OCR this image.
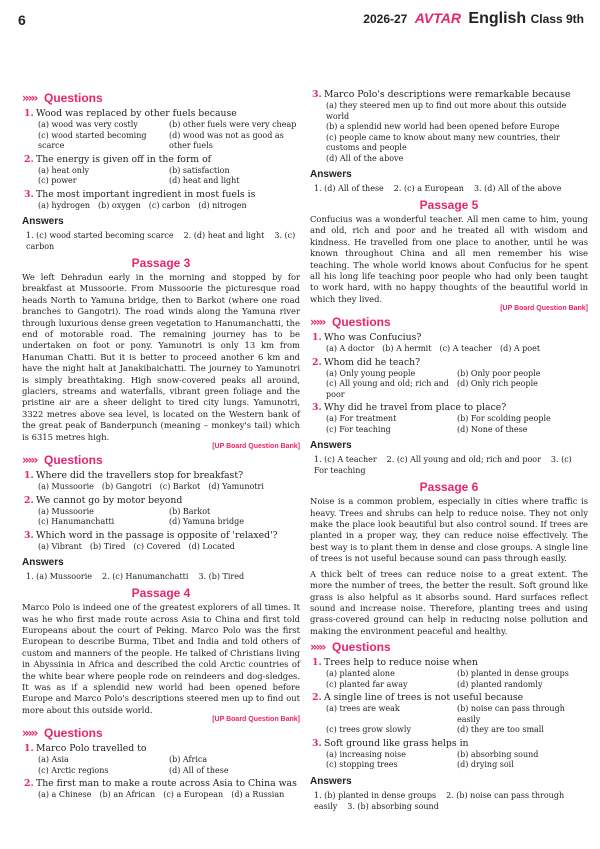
6	2026-27 AVTAR English Class 9th
»»› Questions
1. Wood was replaced by other fuels because
(a) wood was very costly	(b) other fuels were very cheap
(c) wood started becoming scarce
(d) wood was not as good as other fuels
2. The energy is given off in the form of
(a) heat only	(b) satisfaction
(c) power	(d) heat and light
3. The most important ingredient in most fuels is
(a) hydrogen (b) oxygen (c) carbon (d) nitrogen
Answers
1. (c) wood started becoming scarce 2. (d) heat and light 3. (c) carbon
Passage 3

We left Dehradun early in the morning and stopped by for breakfast at Mussoorie. From Mussoorie the picturesque road heads North to Yamuna bridge, then to Barkot (where one road branches to Gangotri). The road winds along the Yamuna river through luxurious dense green vegetation to Hanumanchatti, the end of motorable road. The remaining journey has to be undertaken on foot or pony. Yamunotri is only 13 km from Hanuman Chatti. But it is better to proceed another 6 km and have the night halt at Janakibaichatti. The journey to Yamunotri is simply breathtaking. High snow-covered peaks all around, glaciers, streams and waterfalls, vibrant green foliage and the pristine air are a sheer delight to tired city lungs. Yamunotri, 3322 metres above sea level, is located on the Western bank of the great peak of Banderpunch (meaning – monkey's tail) which is 6315 metres high.

[UP Board Question Bank]
»»› Questions
1. Where did the travellers stop for breakfast?
(a) Mussoorie (b) Gangotri (c) Barkot (d) Yamunotri
2. We cannot go by motor beyond
(a) Mussoorie	(b) Barkot
(c) Hanumanchatti	(d) Yamuna bridge
3. Which word in the passage is opposite of 'relaxed'?
(a) Vibrant (b) Tired (c) Covered (d) Located
Answers
1. (a) Mussoorie 2. (c) Hanumanchatti 3. (b) Tired
Passage 4

Marco Polo is indeed one of the greatest explorers of all times. It was he who first made route across Asia to China and first told Europeans about the court of Peking. Marco Polo was the first European to describe Burma, Tibet and India and told others of custom and manners of the people. He talked of Christians living in Abyssinia in Africa and described the cold Arctic countries of the white bear where people rode on reindeers and dog-sledges. It was as if a splendid new world had been opened before Europe and Marco Polo's descriptions steered men up to find out more about this outside world.

[UP Board Question Bank]
»»› Questions
1. Marco Polo travelled to
(a) Asia	(b) Africa
(c) Arctic regions	(d) All of these
2. The first man to make a route across Asia to China was
(a) a Chinese (b) an African (c) a European (d) a Russian
3. Marco Polo's descriptions were remarkable because
(a) they steered men up to find out more about this outside world
(b) a splendid new world had been opened before Europe
(c) people came to know about many new countries, their customs and people
(d) All of the above
Answers
1. (d) All of these 2. (c) a European 3. (d) All of the above
Passage 5

Confucius was a wonderful teacher. All men came to him, young and old, rich and poor and he treated all with wisdom and kindness. He travelled from one place to another, until he was known throughout China and all men remember his wise teaching. The whole world knows about Confucius for he spent all his long life teaching poor people who had only been taught to work hard, with no happy thoughts of the beautiful world in which they lived.

[UP Board Question Bank]
»»› Questions
1. Who was Confucius?
(a) A doctor (b) A hermit (c) A teacher (d) A poet
2. Whom did he teach?
(a) Only young people	(b) Only poor people
(c) All young and old; rich and poor
(d) Only rich people
3. Why did he travel from place to place?
(a) For treatment	(b) For scolding people
(c) For teaching	(d) None of these
Answers
1. (c) A teacher 2. (c) All young and old; rich and poor 3. (c) For teaching
Passage 6

Noise is a common problem, especially in cities where traffic is heavy. Trees and shrubs can help to reduce noise. They not only make the place look beautiful but also control sound. If trees are planted in a proper way, they can reduce noise effectively. The best way is to plant them in dense and close groups. A single line of trees is not useful because sound can pass through easily.

A thick belt of trees can reduce noise to a great extent. The more the number of trees, the better the result. Soft ground like grass is also helpful as it absorbs sound. Hard surfaces reflect sound and increase noise. Therefore, planting trees and using grass-covered ground can help in reducing noise pollution and making the environment peaceful and healthy.

»»› Questions
1. Trees help to reduce noise when
(a) planted alone	(b) planted in dense groups
(c) planted far away	(d) planted randomly
2. A single line of trees is not useful because
(a) trees are weak	(b) noise can pass through easily
(c) trees grow slowly	(d) they are too small
3. Soft ground like grass helps in
(a) increasing noise	(b) absorbing sound
(c) stopping trees	(d) drying soil
Answers
1. (b) planted in dense groups 2. (b) noise can pass through easily 3. (b) absorbing sound
